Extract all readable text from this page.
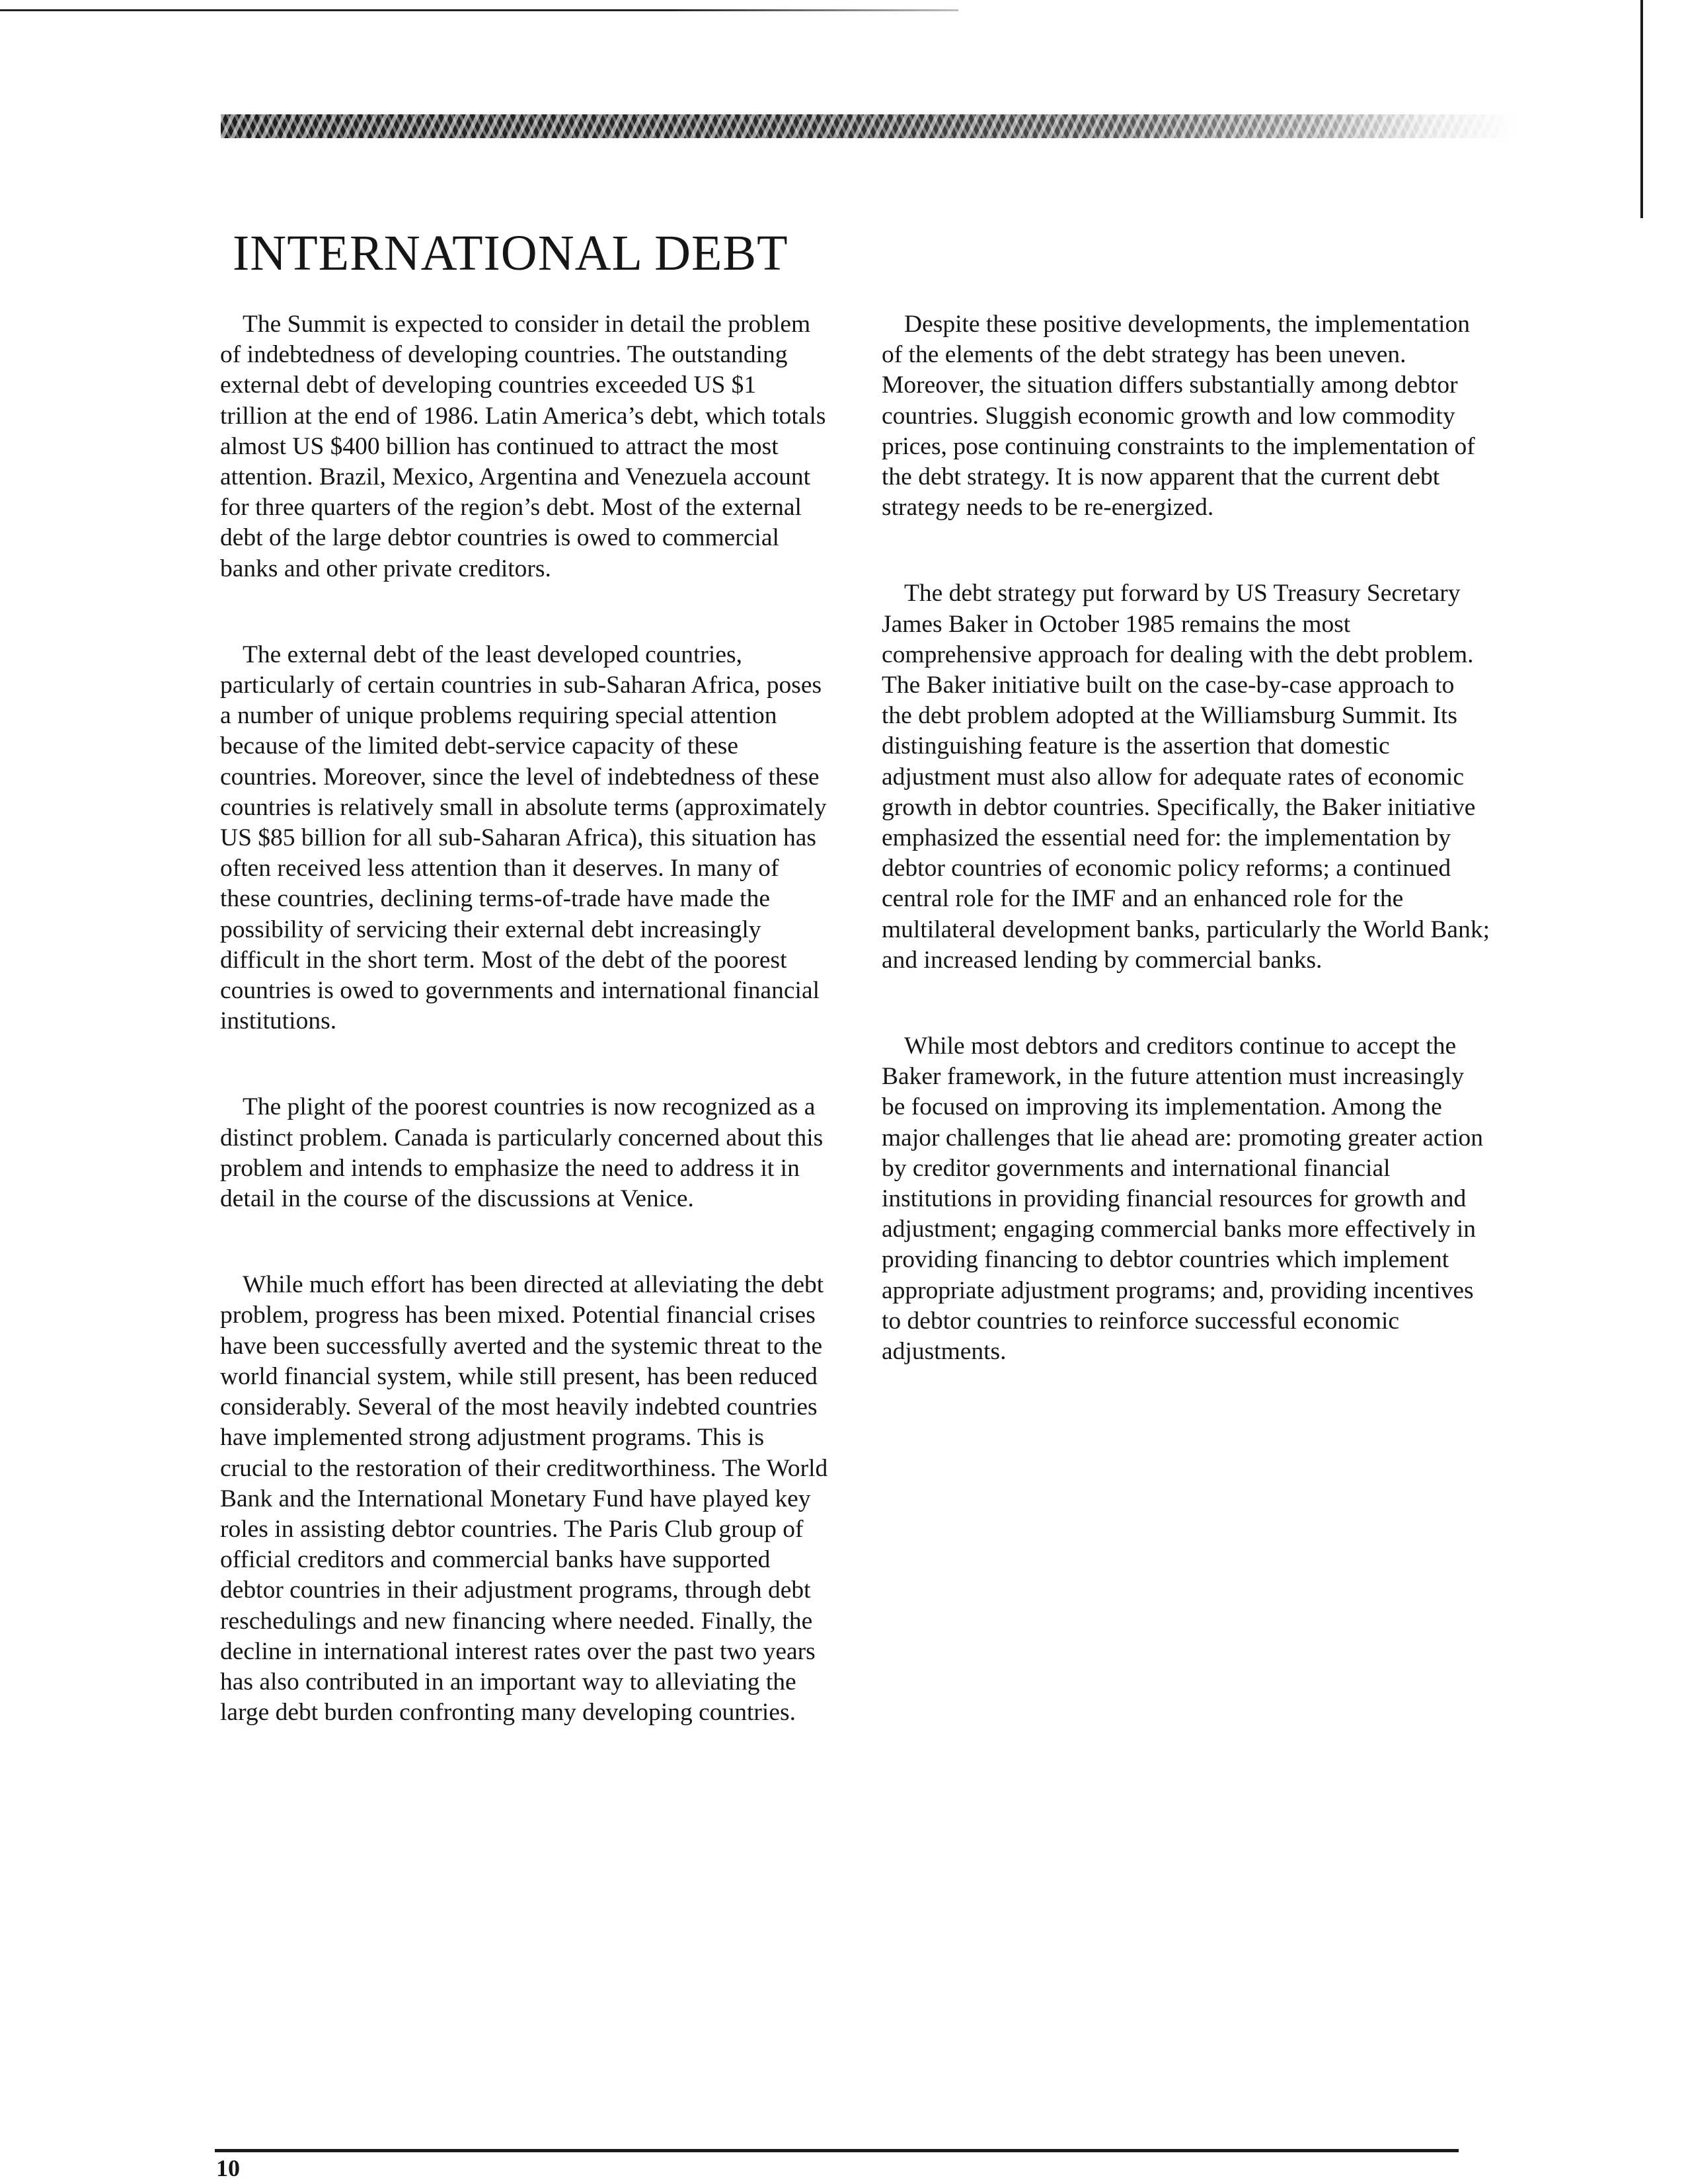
INTERNATIONAL DEBT

The Summit is expected to consider in detail the problem of indebtedness of developing countries. The outstanding external debt of developing countries exceeded US $1 trillion at the end of 1986. Latin America’s debt, which totals almost US $400 billion has continued to attract the most attention. Brazil, Mexico, Argentina and Venezuela account for three quarters of the region’s debt. Most of the external debt of the large debtor countries is owed to commercial banks and other private creditors.

The external debt of the least developed countries, particularly of certain countries in sub-Saharan Africa, poses a number of unique problems requiring special attention because of the limited debt-service capacity of these countries. Moreover, since the level of indebtedness of these countries is relatively small in absolute terms (approximately US $85 billion for all sub-Saharan Africa), this situation has often received less attention than it deserves. In many of these countries, declining terms-of-trade have made the possibility of servicing their external debt increasingly difficult in the short term. Most of the debt of the poorest countries is owed to governments and international financial institutions.

The plight of the poorest countries is now recognized as a distinct problem. Canada is particularly concerned about this problem and intends to emphasize the need to address it in detail in the course of the discussions at Venice.

While much effort has been directed at alleviating the debt problem, progress has been mixed. Potential financial crises have been successfully averted and the systemic threat to the world financial system, while still present, has been reduced considerably. Several of the most heavily indebted countries have implemented strong adjustment programs. This is crucial to the restoration of their creditworthiness. The World Bank and the International Monetary Fund have played key roles in assisting debtor countries. The Paris Club group of official creditors and commercial banks have supported debtor countries in their adjustment programs, through debt reschedulings and new financing where needed. Finally, the decline in international interest rates over the past two years has also contributed in an important way to alleviating the large debt burden confronting many developing countries.

Despite these positive developments, the implementation of the elements of the debt strategy has been uneven. Moreover, the situation differs substantially among debtor countries. Sluggish economic growth and low commodity prices, pose continuing constraints to the implementation of the debt strategy. It is now apparent that the current debt strategy needs to be re-energized.

The debt strategy put forward by US Treasury Secretary James Baker in October 1985 remains the most comprehensive approach for dealing with the debt problem. The Baker initiative built on the case-by-case approach to the debt problem adopted at the Williamsburg Summit. Its distinguishing feature is the assertion that domestic adjustment must also allow for adequate rates of economic growth in debtor countries. Specifically, the Baker initiative emphasized the essential need for: the implementation by debtor countries of economic policy reforms; a continued central role for the IMF and an enhanced role for the multilateral development banks, particularly the World Bank; and increased lending by commercial banks.

While most debtors and creditors continue to accept the Baker framework, in the future attention must increasingly be focused on improving its implementation. Among the major challenges that lie ahead are: promoting greater action by creditor governments and international financial institutions in providing financial resources for growth and adjustment; engaging commercial banks more effectively in providing financing to debtor countries which implement appropriate adjustment programs; and, providing incentives to debtor countries to reinforce successful economic adjustments.

10
